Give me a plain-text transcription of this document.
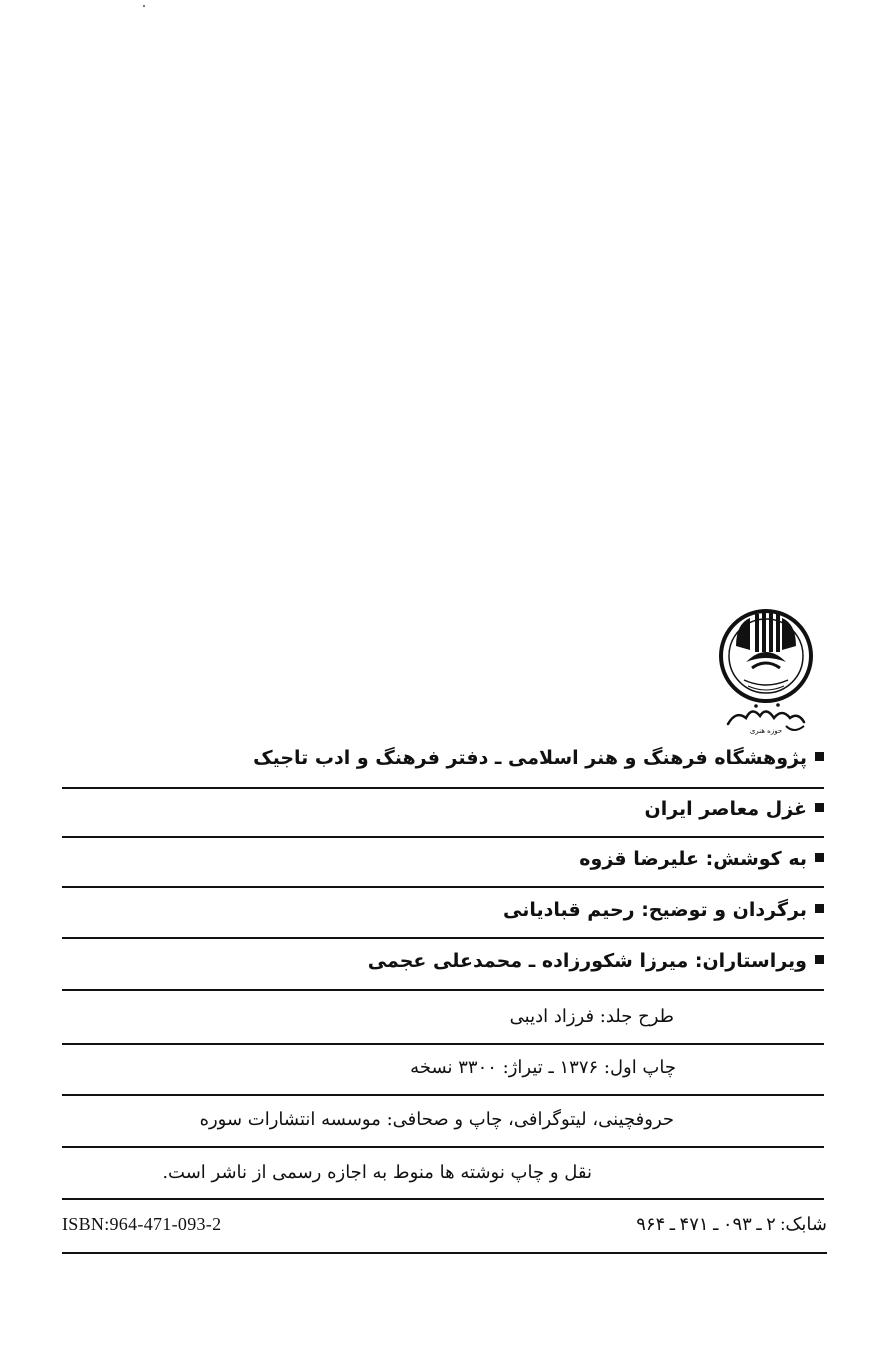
حوزه هنری
پژوهشگاه فرهنگ و هنر اسلامی ـ دفتر فرهنگ و ادب تاجیک
غزل معاصر ایران
به کوشش: علیرضا قزوه
برگردان و توضیح: رحیم قبادیانی
ویراستاران: میرزا شکورزاده ـ محمدعلی عجمی
طرح جلد: فرزاد ادیبی
چاپ اول: ۱۳۷۶ ـ تیراژ: ۳۳۰۰ نسخه
حروفچینی، لیتوگرافی، چاپ و صحافی: موسسه انتشارات سوره
نقل و چاپ نوشته ها منوط به اجازه رسمی از ناشر است.
ISBN:964-471-093-2	شابک: ۲ ـ ۰۹۳ ـ ۴۷۱ ـ ۹۶۴
